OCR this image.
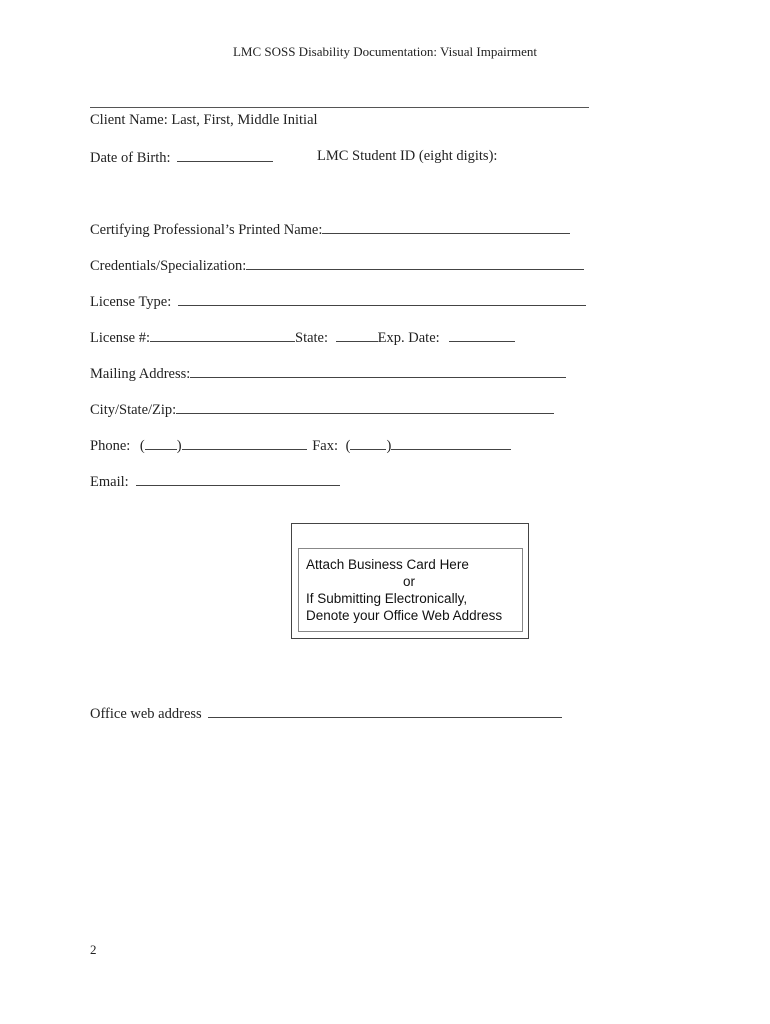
LMC SOSS Disability Documentation: Visual Impairment
Client Name: Last, First, Middle Initial
Date of Birth:	LMC Student ID (eight digits):
Certifying Professional’s Printed Name:
Credentials/Specialization:
License Type:
License #:	State:	Exp. Date:
Mailing Address:
City/State/Zip:
Phone: ( )	Fax: ( )
Email:
Attach Business Card Here

or
If Submitting Electronically,
Denote your Office Web Address
Office web address
2
